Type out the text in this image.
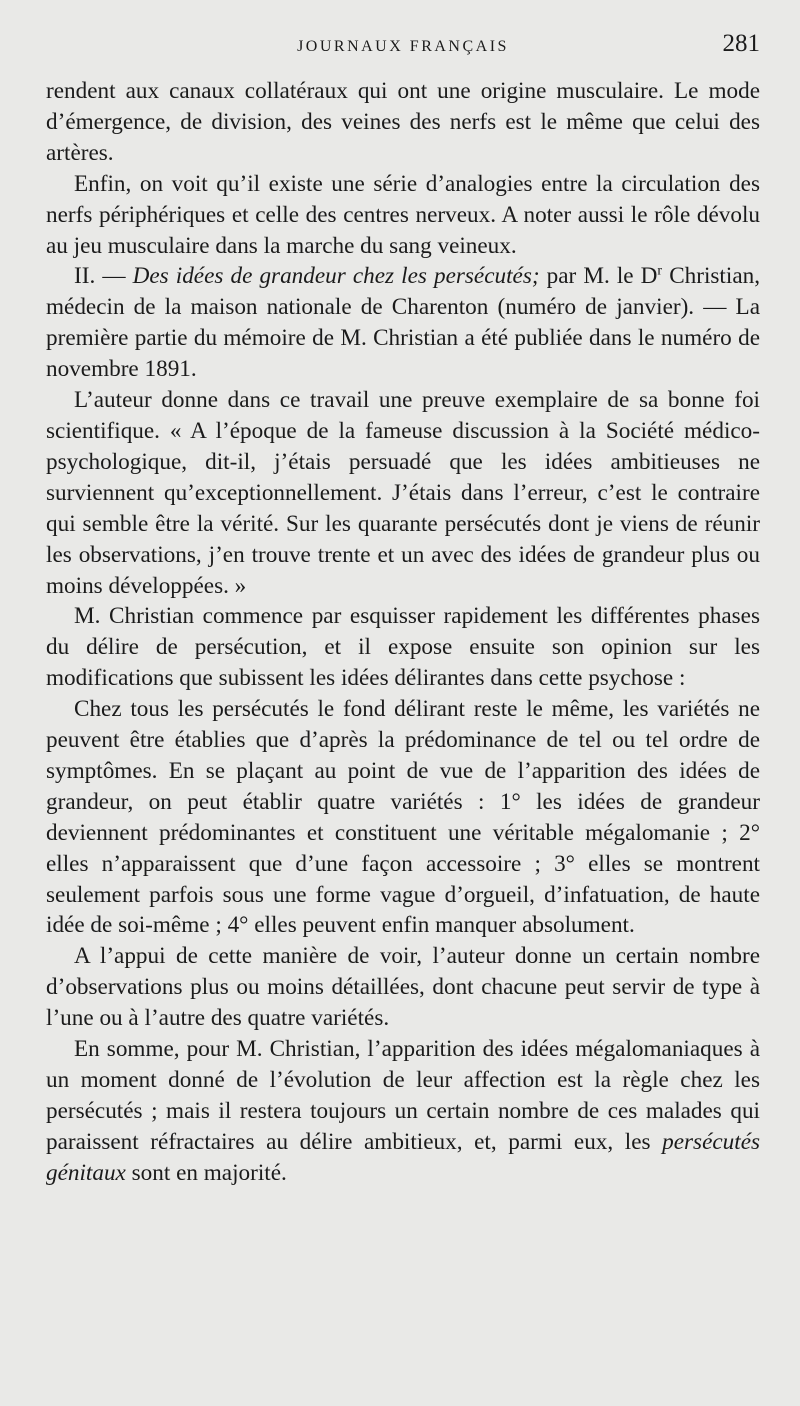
JOURNAUX FRANÇAIS	281

rendent aux canaux collatéraux qui ont une origine musculaire. Le mode d’émergence, de division, des veines des nerfs est le même que celui des artères.

Enfin, on voit qu’il existe une série d’analogies entre la circulation des nerfs périphériques et celle des centres nerveux. A noter aussi le rôle dévolu au jeu musculaire dans la marche du sang veineux.

II. — Des idées de grandeur chez les persécutés; par M. le $D^r$ Christian, médecin de la maison nationale de Charenton (numéro de janvier). — La première partie du mémoire de M. Christian a été publiée dans le numéro de novembre 1891.

L’auteur donne dans ce travail une preuve exemplaire de sa bonne foi scientifique. « A l’époque de la fameuse discussion à la Société médico-psychologique, dit-il, j’étais persuadé que les idées ambitieuses ne surviennent qu’exceptionnellement. J’étais dans l’erreur, c’est le contraire qui semble être la vérité. Sur les quarante persécutés dont je viens de réunir les observations, j’en trouve trente et un avec des idées de grandeur plus ou moins développées. »

M. Christian commence par esquisser rapidement les différentes phases du délire de persécution, et il expose ensuite son opinion sur les modifications que subissent les idées délirantes dans cette psychose :

Chez tous les persécutés le fond délirant reste le même, les variétés ne peuvent être établies que d’après la prédominance de tel ou tel ordre de symptômes. En se plaçant au point de vue de l’apparition des idées de grandeur, on peut établir quatre variétés : 1° les idées de grandeur deviennent prédominantes et constituent une véritable mégalomanie ; 2° elles n’apparaissent que d’une façon accessoire ; 3° elles se montrent seulement parfois sous une forme vague d’orgueil, d’infatuation, de haute idée de soi-même ; 4° elles peuvent enfin manquer absolument.

A l’appui de cette manière de voir, l’auteur donne un certain nombre d’observations plus ou moins détaillées, dont chacune peut servir de type à l’une ou à l’autre des quatre variétés.

En somme, pour M. Christian, l’apparition des idées mégalomaniaques à un moment donné de l’évolution de leur affection est la règle chez les persécutés ; mais il restera toujours un certain nombre de ces malades qui paraissent réfractaires au délire ambitieux, et, parmi eux, les persécutés génitaux sont en majorité.
